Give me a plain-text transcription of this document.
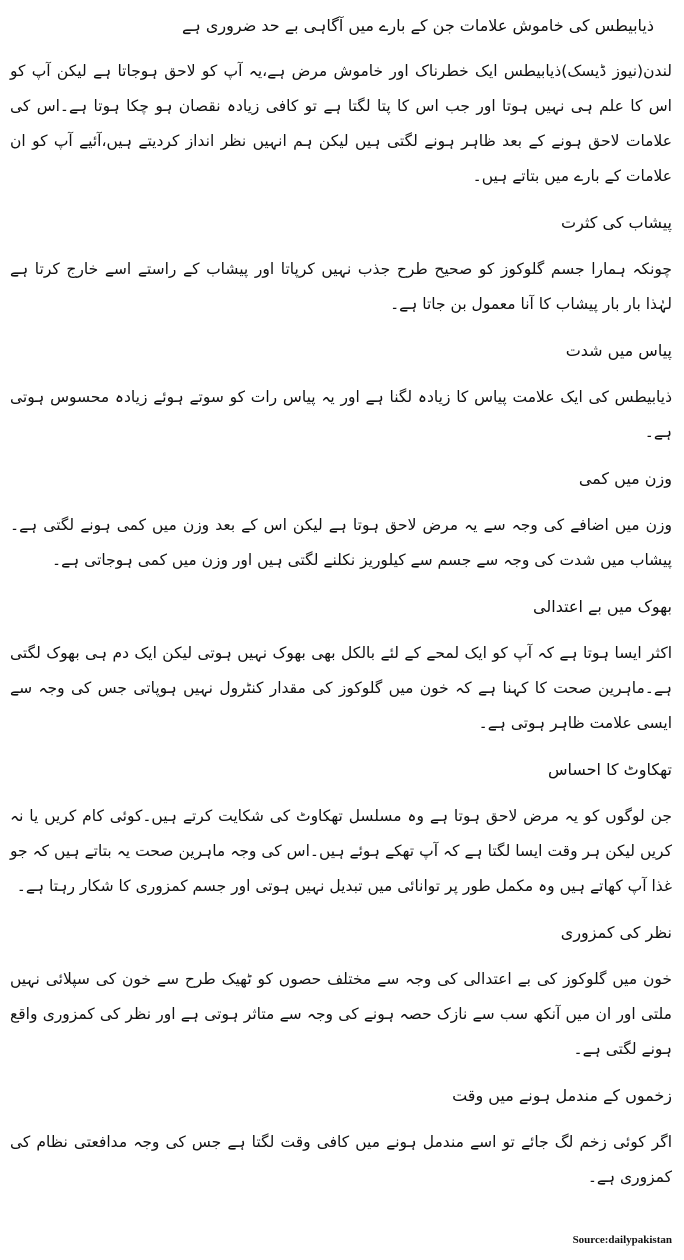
ذیابیطس کی خاموش علامات جن کے بارے میں آگاہی بے حد ضروری ہے

لندن(نیوز ڈیسک)ذیابیطس ایک خطرناک اور خاموش مرض ہے،یہ آپ کو لاحق ہوجاتا ہے لیکن آپ کو اس کا علم ہی نہیں ہوتا اور جب اس کا پتا لگتا ہے تو کافی زیادہ نقصان ہو چکا ہوتا ہے۔اس کی علامات لاحق ہونے کے بعد ظاہر ہونے لگتی ہیں لیکن ہم انہیں نظر انداز کردیتے ہیں،آئیے آپ کو ان علامات کے بارے میں بتاتے ہیں۔

پیشاب کی کثرت

چونکہ ہمارا جسم گلوکوز کو صحیح طرح جذب نہیں کرپاتا اور پیشاب کے راستے اسے خارج کرتا ہے لہٰذا بار بار پیشاب کا آنا معمول بن جاتا ہے۔

پیاس میں شدت

ذیابیطس کی ایک علامت پیاس کا زیادہ لگنا ہے اور یہ پیاس رات کو سوتے ہوئے زیادہ محسوس ہوتی ہے۔

وزن میں کمی

وزن میں اضافے کی وجہ سے یہ مرض لاحق ہوتا ہے لیکن اس کے بعد وزن میں کمی ہونے لگتی ہے۔پیشاب میں شدت کی وجہ سے جسم سے کیلوریز نکلنے لگتی ہیں اور وزن میں کمی ہوجاتی ہے۔

بھوک میں بے اعتدالی

اکثر ایسا ہوتا ہے کہ آپ کو ایک لمحے کے لئے بالکل بھی بھوک نہیں ہوتی لیکن ایک دم ہی بھوک لگتی ہے۔ماہرین صحت کا کہنا ہے کہ خون میں گلوکوز کی مقدار کنٹرول نہیں ہوپاتی جس کی وجہ سے ایسی علامت ظاہر ہوتی ہے۔

تھکاوٹ کا احساس

جن لوگوں کو یہ مرض لاحق ہوتا ہے وہ مسلسل تھکاوٹ کی شکایت کرتے ہیں۔کوئی کام کریں یا نہ کریں لیکن ہر وقت ایسا لگتا ہے کہ آپ تھکے ہوئے ہیں۔اس کی وجہ ماہرین صحت یہ بتاتے ہیں کہ جو غذا آپ کھاتے ہیں وہ مکمل طور پر توانائی میں تبدیل نہیں ہوتی اور جسم کمزوری کا شکار رہتا ہے۔

نظر کی کمزوری

خون میں گلوکوز کی بے اعتدالی کی وجہ سے مختلف حصوں کو ٹھیک طرح سے خون کی سپلائی نہیں ملتی اور ان میں آنکھ سب سے نازک حصہ ہونے کی وجہ سے متاثر ہوتی ہے اور نظر کی کمزوری واقع ہونے لگتی ہے۔

زخموں کے مندمل ہونے میں وقت

اگر کوئی زخم لگ جائے تو اسے مندمل ہونے میں کافی وقت لگتا ہے جس کی وجہ مدافعتی نظام کی کمزوری ہے۔

Source:dailypakistan
